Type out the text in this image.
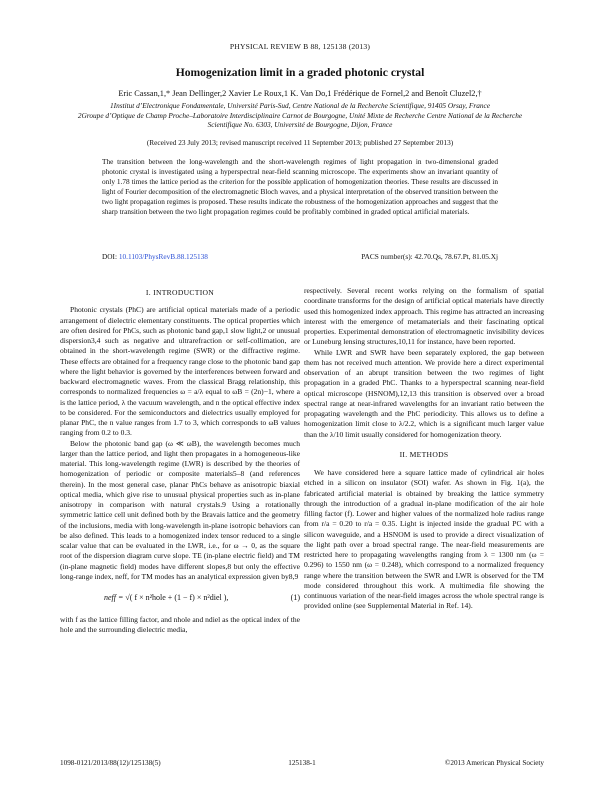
PHYSICAL REVIEW B 88, 125138 (2013)
Homogenization limit in a graded photonic crystal
Eric Cassan,1,* Jean Dellinger,2 Xavier Le Roux,1 K. Van Do,1 Frédérique de Fornel,2 and Benoît Cluzel2,†
1Institut d’Electronique Fondamentale, Université Paris-Sud, Centre National de la Recherche Scientifique, 91405 Orsay, France
2Groupe d’Optique de Champ Proche–Laboratoire Interdisciplinaire Carnot de Bourgogne, Unité Mixte de Recherche Centre National de la Recherche Scientifique No. 6303, Université de Bourgogne, Dijon, France
(Received 23 July 2013; revised manuscript received 11 September 2013; published 27 September 2013)
The transition between the long-wavelength and the short-wavelength regimes of light propagation in two-dimensional graded photonic crystal is investigated using a hyperspectral near-field scanning microscope. The experiments show an invariant quantity of only 1.78 times the lattice period as the criterion for the possible application of homogenization theories. These results are discussed in light of Fourier decomposition of the electromagnetic Bloch waves, and a physical interpretation of the observed transition between the two light propagation regimes is proposed. These results indicate the robustness of the homogenization approaches and suggest that the sharp transition between the two light propagation regimes could be profitably combined in graded optical artificial materials.
DOI: 10.1103/PhysRevB.88.125138	PACS number(s): 42.70.Qs, 78.67.Pt, 81.05.Xj
I. INTRODUCTION

Photonic crystals (PhC) are artificial optical materials made of a periodic arrangement of dielectric elementary constituents. The optical properties which are often desired for PhCs, such as photonic band gap,1 slow light,2 or unusual dispersion3,4 such as negative and ultrarefraction or self-collimation, are obtained in the short-wavelength regime (SWR) or the diffractive regime. These effects are obtained for a frequency range close to the photonic band gap where the light behavior is governed by the interferences between forward and backward electromagnetic waves. From the classical Bragg relationship, this corresponds to normalized frequencies ω = a/λ equal to ωB = (2n)−1, where a is the lattice period, λ the vacuum wavelength, and n the optical effective index to be considered. For the semiconductors and dielectrics usually employed for planar PhC, the n value ranges from 1.7 to 3, which corresponds to ωB values ranging from 0.2 to 0.3.

Below the photonic band gap (ω ≪ ωB), the wavelength becomes much larger than the lattice period, and light then propagates in a homogeneous-like material. This long-wavelength regime (LWR) is described by the theories of homogenization of periodic or composite materials5–8 (and references therein). In the most general case, planar PhCs behave as anisotropic biaxial optical media, which give rise to unusual physical properties such as in-plane anisotropy in comparison with natural crystals.9 Using a rotationally symmetric lattice cell unit defined both by the Bravais lattice and the geometry of the inclusions, media with long-wavelength in-plane isotropic behaviors can be also defined. This leads to a homogenized index tensor reduced to a single scalar value that can be evaluated in the LWR, i.e., for ω → 0, as the square root of the dispersion diagram curve slope. TE (in-plane electric field) and TM (in-plane magnetic field) modes have different slopes,8 but only the effective long-range index, neff, for TM modes has an analytical expression given by8,9

neff = √( f × n²hole + (1 − f) × n²diel ),	(1)

with f as the lattice filling factor, and nhole and ndiel as the optical index of the hole and the surrounding dielectric media,

respectively. Several recent works relying on the formalism of spatial coordinate transforms for the design of artificial optical materials have directly used this homogenized index approach. This regime has attracted an increasing interest with the emergence of metamaterials and their fascinating optical properties. Experimental demonstration of electromagnetic invisibility devices or Luneburg lensing structures,10,11 for instance, have been reported.

While LWR and SWR have been separately explored, the gap between them has not received much attention. We provide here a direct experimental observation of an abrupt transition between the two regimes of light propagation in a graded PhC. Thanks to a hyperspectral scanning near-field optical microscope (HSNOM),12,13 this transition is observed over a broad spectral range at near-infrared wavelengths for an invariant ratio between the propagating wavelength and the PhC periodicity. This allows us to define a homogenization limit close to λ/2.2, which is a significant much larger value than the λ/10 limit usually considered for homogenization theory.

II. METHODS

We have considered here a square lattice made of cylindrical air holes etched in a silicon on insulator (SOI) wafer. As shown in Fig. 1(a), the fabricated artificial material is obtained by breaking the lattice symmetry through the introduction of a gradual in-plane modification of the air hole filling factor (f). Lower and higher values of the normalized hole radius range from r/a = 0.20 to r/a = 0.35. Light is injected inside the gradual PC with a silicon waveguide, and a HSNOM is used to provide a direct visualization of the light path over a broad spectral range. The near-field measurements are restricted here to propagating wavelengths ranging from λ = 1300 nm (ω = 0.296) to 1550 nm (ω = 0.248), which correspond to a normalized frequency range where the transition between the SWR and LWR is observed for the TM mode considered throughout this work. A multimedia file showing the continuous variation of the near-field images across the whole spectral range is provided online (see Supplemental Material in Ref. 14).

1098-0121/2013/88(12)/125138(5)	125138-1	©2013 American Physical Society
